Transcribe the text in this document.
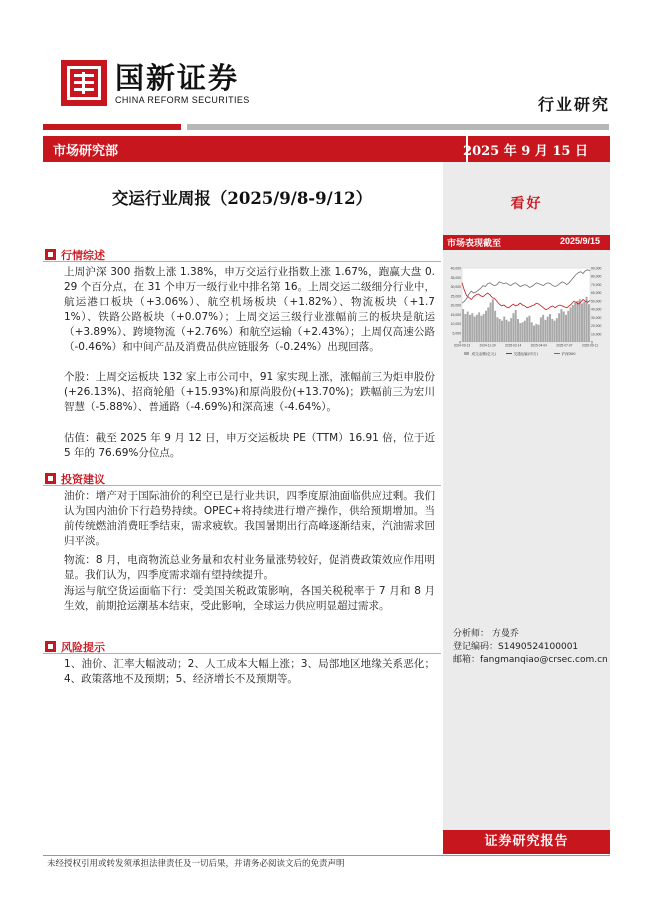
国新证券
CHINA REFORM SECURITIES	行业研究
市场研究部	2025 年 9 月 15 日
交运行业周报（2025/9/8-9/12）	看好
市场表现截至	2025/9/15
40,000
35,000
30,000
25,000
20,000
15,000
10,000
5,000
0
90,000
80,000
70,000
60,000
50,000
40,000
30,000
20,000
10,000
0
2024-09-13	2024-11-29	2025-02-14	2025-04-04	2025-07-07	2025-09-11
成交金额(亿元)	交通运输(申万)	沪深300
分析师： 方曼乔
登记编码：S1490524100001
邮箱：fangmanqiao@crsec.com.cn
证券研究报告
行情综述
上周沪深 300 指数上涨 1.38%，申万交运行业指数上涨 1.67%，跑赢大盘 0.29 个百分点，在 31 个申万一级行业中排名第 16。上周交运二级细分行业中，航运港口板块（+3.06%）、航空机场板块（+1.82%）、物流板块（+1.71%）、铁路公路板块（+0.07%）；上周交运三级行业涨幅前三的板块是航运（+3.89%）、跨境物流（+2.76%）和航空运输（+2.43%）；上周仅高速公路（-0.46%）和中间产品及消费品供应链服务（-0.24%）出现回落。
个股：上周交运板块 132 家上市公司中，91 家实现上涨，涨幅前三为炬申股份(+26.13%)、招商轮船（+15.93%)和原尚股份(+13.70%)；跌幅前三为宏川智慧（-5.88%）、普通路（-4.69%)和深高速（-4.64%）。
估值：截至 2025 年 9 月 12 日，申万交运板块 PE（TTM）16.91 倍，位于近 5 年的 76.69%分位点。
投资建议
油价：增产对于国际油价的利空已是行业共识，四季度原油面临供应过剩。我们认为国内油价下行趋势持续。OPEC+将持续进行增产操作，供给预期增加。当前传统燃油消费旺季结束，需求疲软。我国暑期出行高峰逐渐结束，汽油需求回归平淡。
物流：8 月，电商物流总业务量和农村业务量涨势较好，促消费政策效应作用明显。我们认为，四季度需求端有望持续提升。
海运与航空货运面临下行：受美国关税政策影响，各国关税税率于 7 月和 8 月生效，前期抢运潮基本结束，受此影响，全球运力供应明显超过需求。
风险提示
1、油价、汇率大幅波动；2、人工成本大幅上涨；3、局部地区地缘关系恶化；4、政策落地不及预期；5、经济增长不及预期等。
未经授权引用或转发须承担法律责任及一切后果，并请务必阅读文后的免责声明
